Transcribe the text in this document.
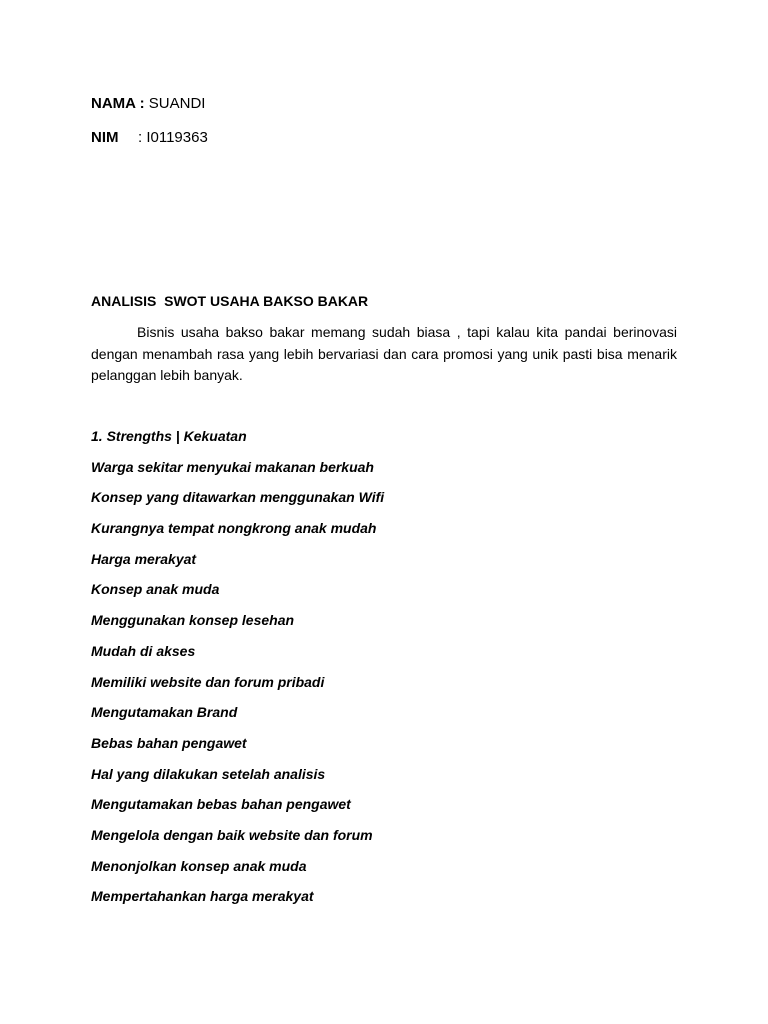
NAMA : SUANDI
NIM : I0119363
ANALISIS  SWOT USAHA BAKSO BAKAR

Bisnis usaha bakso bakar memang sudah biasa , tapi kalau kita pandai berinovasi dengan menambah rasa yang lebih bervariasi dan cara promosi yang unik pasti bisa menarik pelanggan lebih banyak.

1. Strengths | Kekuatan
Warga sekitar menyukai makanan berkuah
Konsep yang ditawarkan menggunakan Wifi
Kurangnya tempat nongkrong anak mudah
Harga merakyat
Konsep anak muda
Menggunakan konsep lesehan
Mudah di akses
Memiliki website dan forum pribadi
Mengutamakan Brand
Bebas bahan pengawet
Hal yang dilakukan setelah analisis
Mengutamakan bebas bahan pengawet
Mengelola dengan baik website dan forum
Menonjolkan konsep anak muda
Mempertahankan harga merakyat
